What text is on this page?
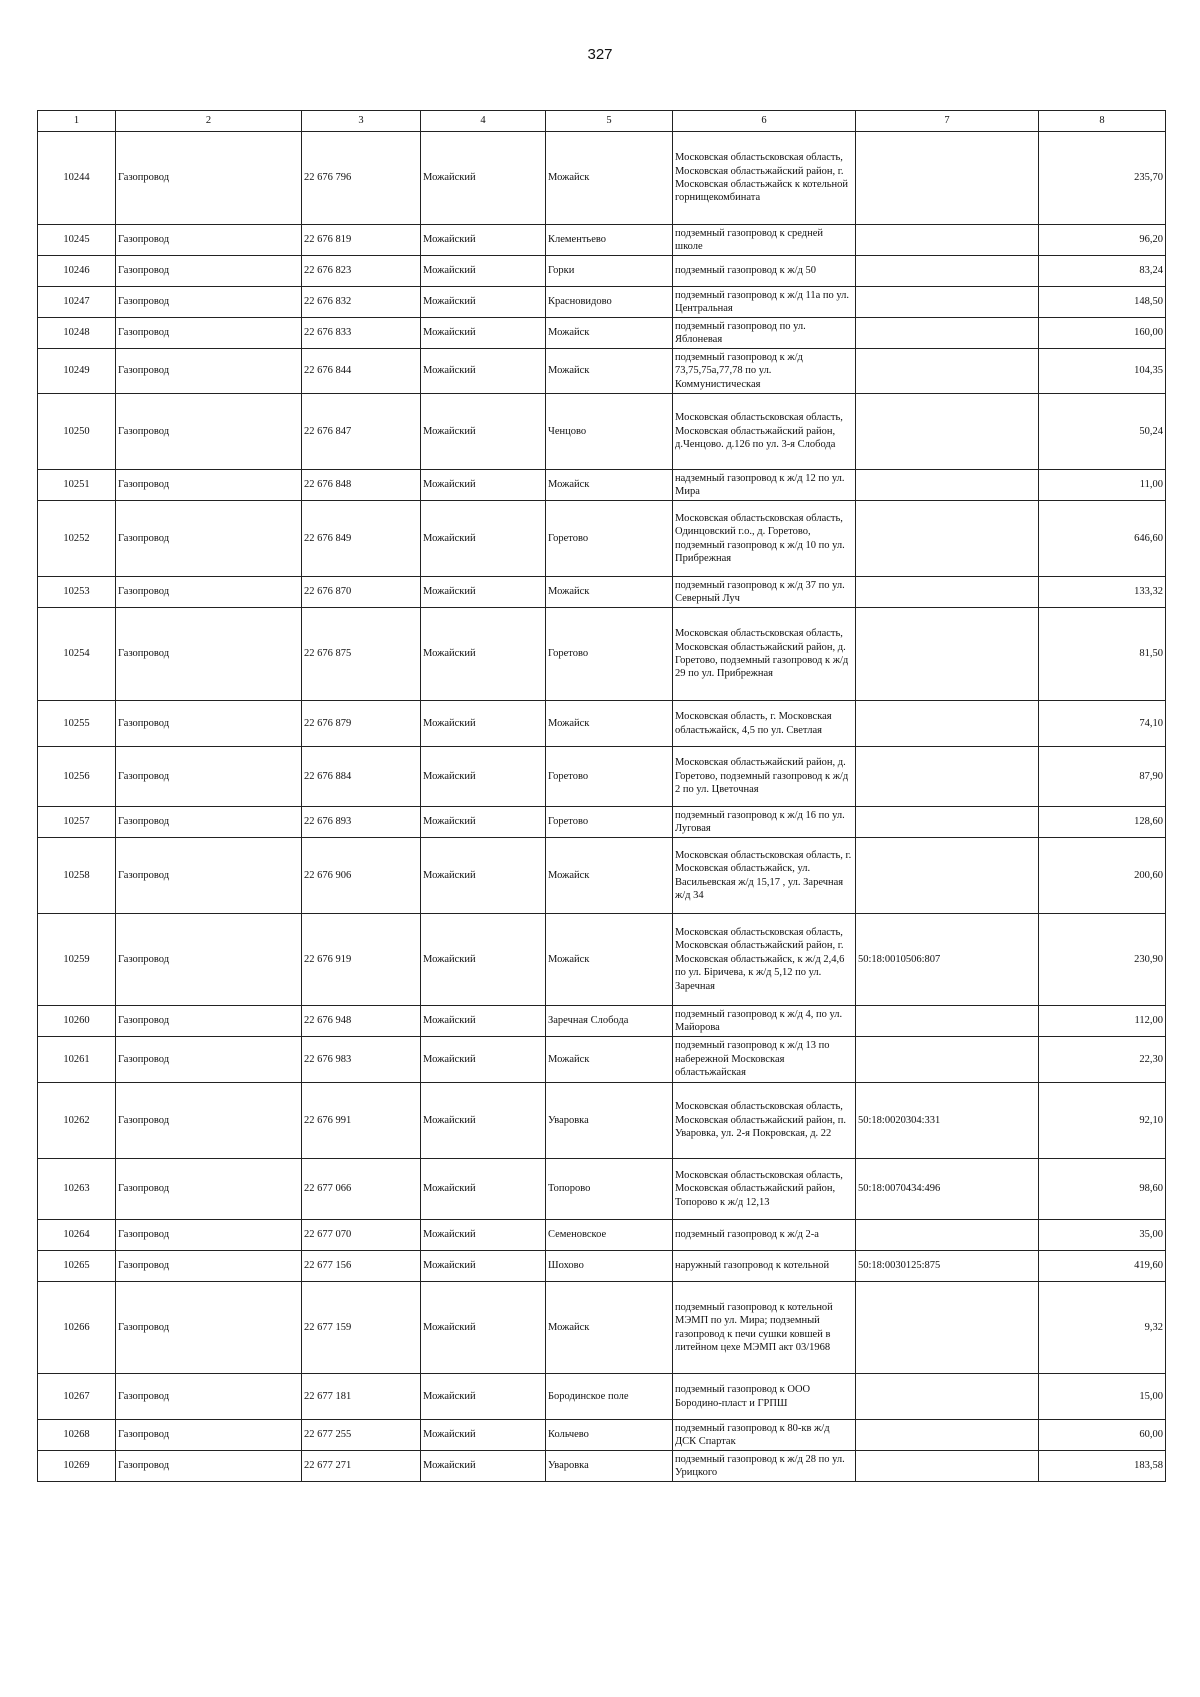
327
1	2	3	4	5	6	7	8
10244	Газопровод	22 676 796	Можайский	Можайск	Московская областьсковская область, Московская областьжайский район, г. Московская областьжайск к котельной горнищекомбината		235,70
10245	Газопровод	22 676 819	Можайский	Клементьево	подземный газопровод к средней школе		96,20
10246	Газопровод	22 676 823	Можайский	Горки	подземный газопровод к ж/д 50		83,24
10247	Газопровод	22 676 832	Можайский	Красновидово	подземный газопровод к ж/д 11а по ул. Центральная		148,50
10248	Газопровод	22 676 833	Можайский	Можайск	подземный газопровод по ул. Яблоневая		160,00
10249	Газопровод	22 676 844	Можайский	Можайск	подземный газопровод к ж/д 73,75,75а,77,78 по ул. Коммунистическая		104,35
10250	Газопровод	22 676 847	Можайский	Ченцово	Московская областьсковская область, Московская областьжайский район, д.Ченцово. д.126 по ул. 3-я Слобода		50,24
10251	Газопровод	22 676 848	Можайский	Можайск	надземный газопровод к ж/д 12 по ул. Мира		11,00
10252	Газопровод	22 676 849	Можайский	Горетово	Московская областьсковская область, Одинцовский г.о., д. Горетово, подземный газопровод к ж/д 10 по ул. Прибрежная		646,60
10253	Газопровод	22 676 870	Можайский	Можайск	подземный газопровод к ж/д 37 по ул. Северный Луч		133,32
10254	Газопровод	22 676 875	Можайский	Горетово	Московская областьсковская область, Московская областьжайский район, д. Горетово, подземный газопровод к ж/д 29 по ул. Прибрежная		81,50
10255	Газопровод	22 676 879	Можайский	Можайск	Московская область, г. Московская областьжайск, 4,5 по ул. Светлая		74,10
10256	Газопровод	22 676 884	Можайский	Горетово	Московская областьжайский район, д. Горетово, подземный газопровод к ж/д 2 по ул. Цветочная		87,90
10257	Газопровод	22 676 893	Можайский	Горетово	подземный газопровод к ж/д 16 по ул. Луговая		128,60
10258	Газопровод	22 676 906	Можайский	Можайск	Московская областьсковская область, г. Московская областьжайск, ул. Васильевская ж/д 15,17 , ул. Заречная ж/д 34		200,60
10259	Газопровод	22 676 919	Можайский	Можайск	Московская областьсковская область, Московская областьжайский район, г. Московская областьжайск, к ж/д 2,4,6 по ул. Біричева, к ж/д 5,12 по ул. Заречная	50:18:0010506:807	230,90
10260	Газопровод	22 676 948	Можайский	Заречная Слобода	подземный газопровод к ж/д 4, по ул. Майорова		112,00
10261	Газопровод	22 676 983	Можайский	Можайск	подземный газопровод к ж/д 13 по набережной Московская областьжайская		22,30
10262	Газопровод	22 676 991	Можайский	Уваровка	Московская областьсковская область, Московская областьжайский район, п. Уваровка, ул. 2-я Покровская, д. 22	50:18:0020304:331	92,10
10263	Газопровод	22 677 066	Можайский	Топорово	Московская областьсковская область, Московская областьжайский район, Топорово к ж/д 12,13	50:18:0070434:496	98,60
10264	Газопровод	22 677 070	Можайский	Семеновское	подземный газопровод к ж/д 2-а		35,00
10265	Газопровод	22 677 156	Можайский	Шохово	наружный газопровод к котельной	50:18:0030125:875	419,60
10266	Газопровод	22 677 159	Можайский	Можайск	подземный газопровод к котельной МЭМП по ул. Мира; подземный газопровод к печи сушки ковшей в литейном цехе МЭМП акт 03/1968		9,32
10267	Газопровод	22 677 181	Можайский	Бородинское поле	подземный газопровод к ООО Бородино-пласт и ГРПШ		15,00
10268	Газопровод	22 677 255	Можайский	Кольчево	подземный газопровод к 80-кв ж/д ДСК Спартак		60,00
10269	Газопровод	22 677 271	Можайский	Уваровка	подземный газопровод к ж/д 28 по ул. Урицкого		183,58
